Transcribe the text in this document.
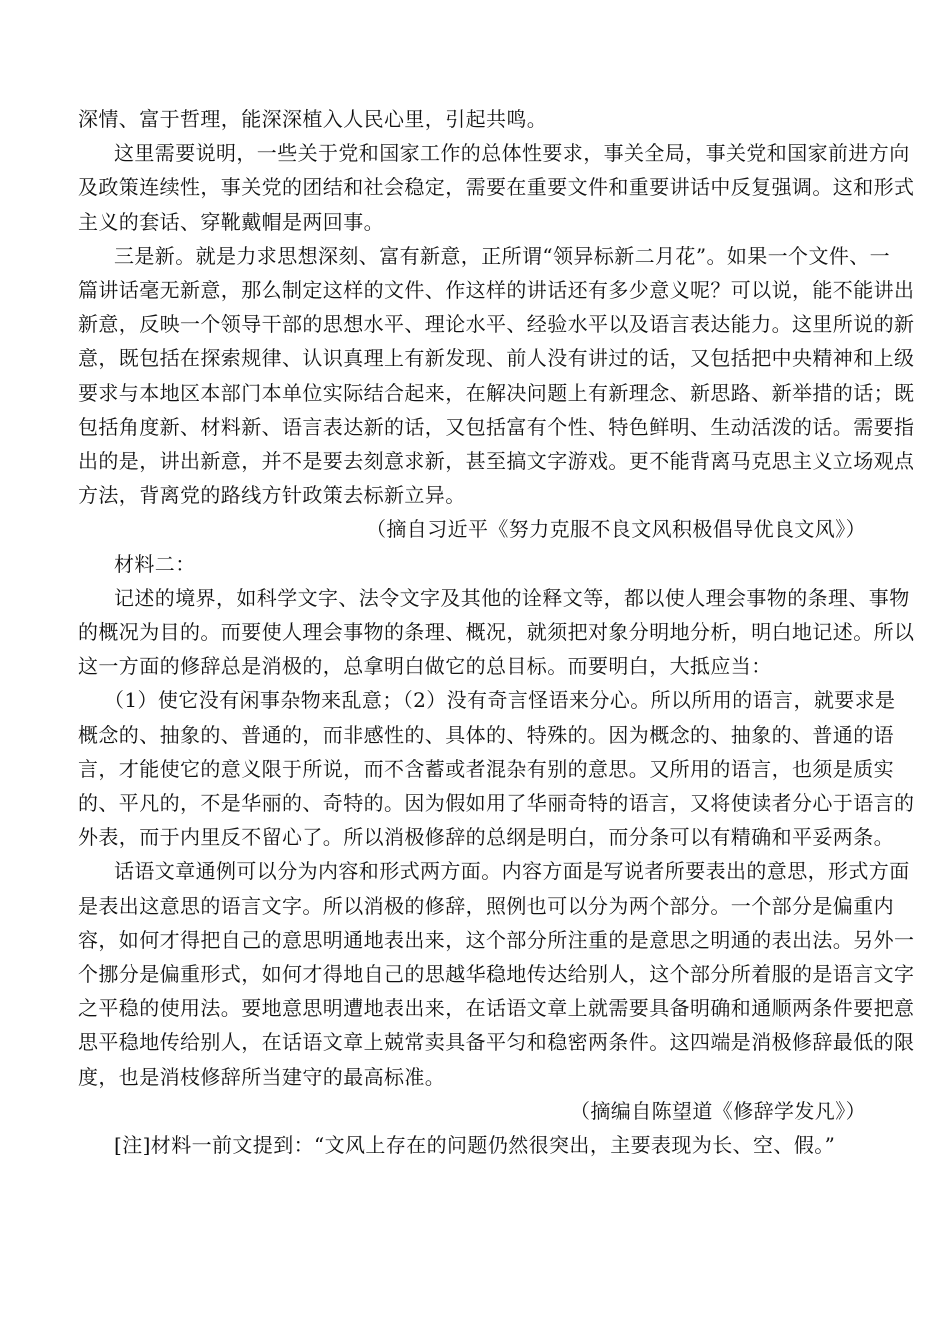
深情、富于哲理，能深深植入人民心里，引起共鸣。
这里需要说明，一些关于党和国家工作的总体性要求，事关全局，事关党和国家前进方向
及政策连续性，事关党的团结和社会稳定，需要在重要文件和重要讲话中反复强调。这和形式
主义的套话、穿靴戴帽是两回事。
三是新。就是力求思想深刻、富有新意，正所谓“领异标新二月花”。如果一个文件、一
篇讲话毫无新意，那么制定这样的文件、作这样的讲话还有多少意义呢？可以说，能不能讲出
新意，反映一个领导干部的思想水平、理论水平、经验水平以及语言表达能力。这里所说的新
意，既包括在探索规律、认识真理上有新发现、前人没有讲过的话，又包括把中央精神和上级
要求与本地区本部门本单位实际结合起来，在解决问题上有新理念、新思路、新举措的话；既
包括角度新、材料新、语言表达新的话，又包括富有个性、特色鲜明、生动活泼的话。需要指
出的是，讲出新意，并不是要去刻意求新，甚至搞文字游戏。更不能背离马克思主义立场观点
方法，背离党的路线方针政策去标新立异。
（摘自习近平《努力克服不良文风积极倡导优良文风》）
材料二：
记述的境界，如科学文字、法令文字及其他的诠释文等，都以使人理会事物的条理、事物
的概况为目的。而要使人理会事物的条理、概况，就须把对象分明地分析，明白地记述。所以
这一方面的修辞总是消极的，总拿明白做它的总目标。而要明白，大抵应当：
（1）使它没有闲事杂物来乱意；（2）没有奇言怪语来分心。所以所用的语言，就要求是
概念的、抽象的、普通的，而非感性的、具体的、特殊的。因为概念的、抽象的、普通的语
言，才能使它的意义限于所说，而不含蓄或者混杂有别的意思。又所用的语言，也须是质实
的、平凡的，不是华丽的、奇特的。因为假如用了华丽奇特的语言，又将使读者分心于语言的
外表，而于内里反不留心了。所以消极修辞的总纲是明白，而分条可以有精确和平妥两条。
话语文章通例可以分为内容和形式两方面。内容方面是写说者所要表出的意思，形式方面
是表出这意思的语言文字。所以消极的修辞，照例也可以分为两个部分。一个部分是偏重内
容，如何才得把自己的意思明通地表出来，这个部分所注重的是意思之明通的表出法。另外一
个挪分是偏重形式，如何才得地自己的思越华稳地传达给别人，这个部分所着服的是语言文字
之平稳的使用法。要地意思明遭地表出来，在话语文章上就需要具备明确和通顺两条件要把意
思平稳地传给别人，在话语文章上兢常卖具备平匀和稳密两条件。这四端是消极修辞最低的限
度，也是消枝修辞所当建守的最高标准。
（摘编自陈望道《修辞学发凡》）
[注]材料一前文提到：“文风上存在的问题仍然很突出，主要表现为长、空、假。”
